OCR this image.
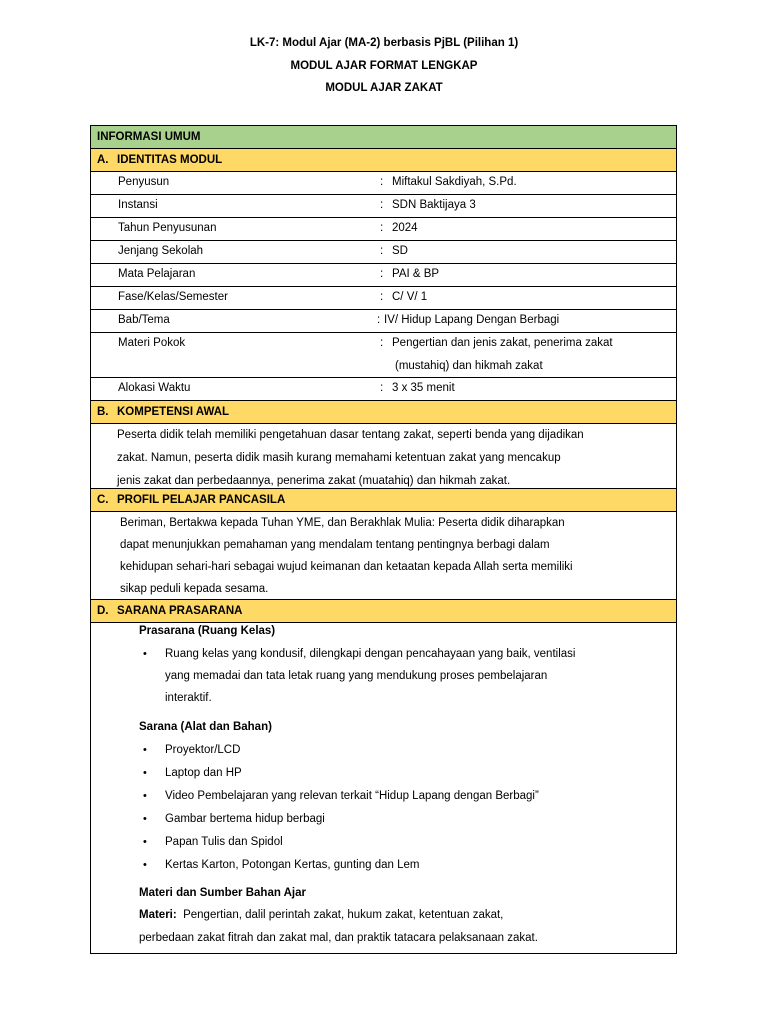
LK-7: Modul Ajar (MA-2) berbasis PjBL (Pilihan 1)
MODUL AJAR FORMAT LENGKAP
MODUL AJAR ZAKAT
INFORMASI UMUM
A. IDENTITAS MODUL
Penyusun	: Miftakul Sakdiyah, S.Pd.
Instansi	: SDN Baktijaya 3
Tahun Penyusunan	: 2024
Jenjang Sekolah	: SD
Mata Pelajaran	: PAI & BP
Fase/Kelas/Semester	: C/ V/ 1
Bab/Tema	: IV/ Hidup Lapang Dengan Berbagi
Materi Pokok	: Pengertian dan jenis zakat, penerima zakat
(mustahiq) dan hikmah zakat
Alokasi Waktu	: 3 x 35 menit
B. KOMPETENSI AWAL
Peserta didik telah memiliki pengetahuan dasar tentang zakat, seperti benda yang dijadikan
zakat. Namun, peserta didik masih kurang memahami ketentuan zakat yang mencakup
jenis zakat dan perbedaannya, penerima zakat (muatahiq) dan hikmah zakat.
C. PROFIL PELAJAR PANCASILA
Beriman, Bertakwa kepada Tuhan YME, dan Berakhlak Mulia: Peserta didik diharapkan
dapat menunjukkan pemahaman yang mendalam tentang pentingnya berbagi dalam
kehidupan sehari-hari sebagai wujud keimanan dan ketaatan kepada Allah serta memiliki
sikap peduli kepada sesama.
D. SARANA PRASARANA
Prasarana (Ruang Kelas)
• Ruang kelas yang kondusif, dilengkapi dengan pencahayaan yang baik, ventilasi
yang memadai dan tata letak ruang yang mendukung proses pembelajaran
interaktif.
Sarana (Alat dan Bahan)
• Proyektor/LCD
• Laptop dan HP
• Video Pembelajaran yang relevan terkait “Hidup Lapang dengan Berbagi”
• Gambar bertema hidup berbagi
• Papan Tulis dan Spidol
• Kertas Karton, Potongan Kertas, gunting dan Lem
Materi dan Sumber Bahan Ajar
Materi: Pengertian, dalil perintah zakat, hukum zakat, ketentuan zakat,
perbedaan zakat fitrah dan zakat mal, dan praktik tatacara pelaksanaan zakat.
